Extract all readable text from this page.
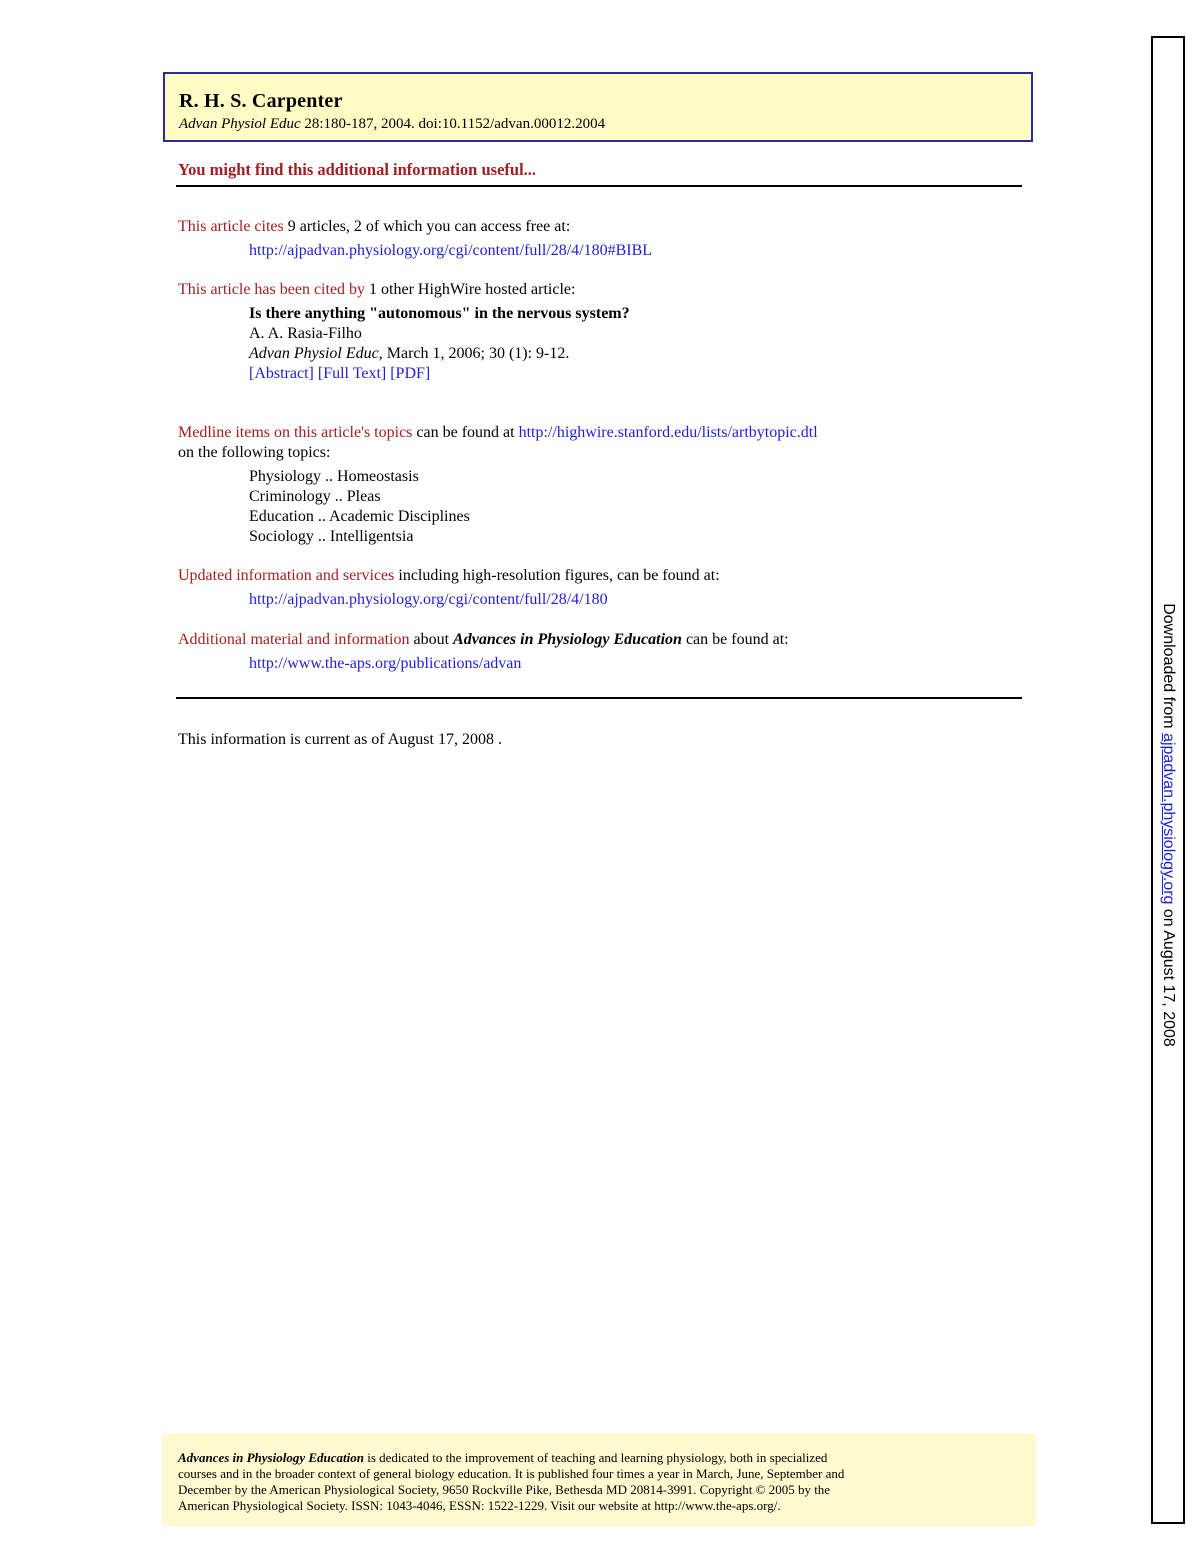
R. H. S. Carpenter
Advan Physiol Educ 28:180-187, 2004. doi:10.1152/advan.00012.2004
You might find this additional information useful...
This article cites 9 articles, 2 of which you can access free at:
http://ajpadvan.physiology.org/cgi/content/full/28/4/180#BIBL
This article has been cited by 1 other HighWire hosted article:
Is there anything "autonomous" in the nervous system?
A. A. Rasia-Filho
Advan Physiol Educ, March 1, 2006; 30 (1): 9-12.
[Abstract] [Full Text] [PDF]
Medline items on this article's topics can be found at http://highwire.stanford.edu/lists/artbytopic.dtl
on the following topics:
Physiology .. Homeostasis
Criminology .. Pleas
Education .. Academic Disciplines
Sociology .. Intelligentsia
Updated information and services including high-resolution figures, can be found at:
http://ajpadvan.physiology.org/cgi/content/full/28/4/180
Additional material and information about Advances in Physiology Education can be found at:
http://www.the-aps.org/publications/advan
This information is current as of August 17, 2008 .
Advances in Physiology Education is dedicated to the improvement of teaching and learning physiology, both in specialized
courses and in the broader context of general biology education. It is published four times a year in March, June, September and
December by the American Physiological Society, 9650 Rockville Pike, Bethesda MD 20814-3991. Copyright © 2005 by the
American Physiological Society. ISSN: 1043-4046, ESSN: 1522-1229. Visit our website at http://www.the-aps.org/.
Downloaded from ajpadvan.physiology.org on August 17, 2008
